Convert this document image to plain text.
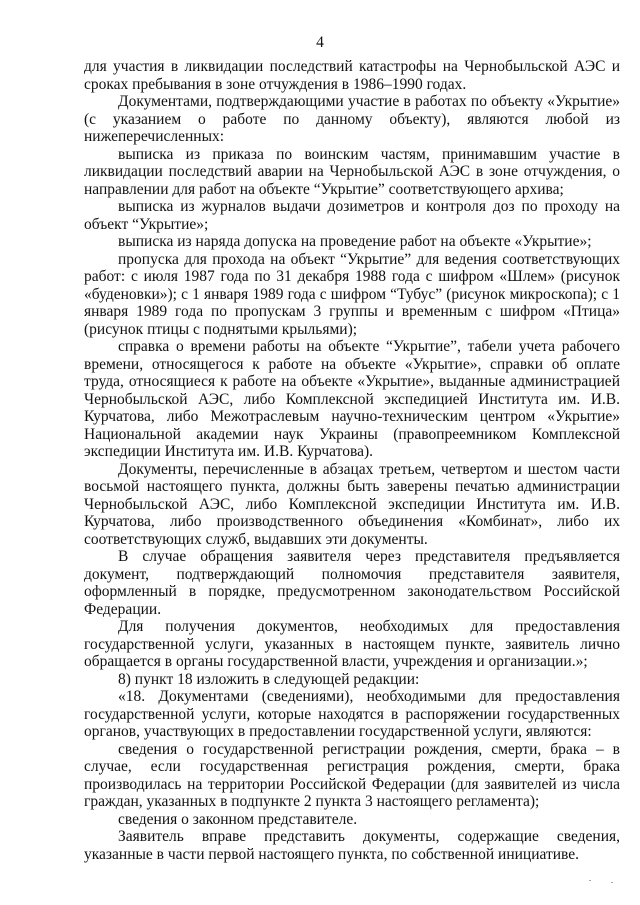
4

для участия в ликвидации последствий катастрофы на Чернобыльской АЭС и сроках пребывания в зоне отчуждения в 1986–1990 годах.

Документами, подтверждающими участие в работах по объекту «Укрытие» (с указанием о работе по данному объекту), являются любой из нижеперечисленных:

выписка из приказа по воинским частям, принимавшим участие в ликвидации последствий аварии на Чернобыльской АЭС в зоне отчуждения, о направлении для работ на объекте “Укрытие” соответствующего архива;

выписка из журналов выдачи дозиметров и контроля доз по проходу на объект “Укрытие»;

выписка из наряда допуска на проведение работ на объекте «Укрытие»;

пропуска для прохода на объект “Укрытие” для ведения соответствующих работ: с июля 1987 года по 31 декабря 1988 года с шифром «Шлем» (рисунок «буденовки»); с 1 января 1989 года с шифром “Тубус” (рисунок микроскопа); с 1 января 1989 года по пропускам 3 группы и временным с шифром «Птица» (рисунок птицы с поднятыми крыльями);

справка о времени работы на объекте “Укрытие”, табели учета рабочего времени, относящегося к работе на объекте «Укрытие», справки об оплате труда, относящиеся к работе на объекте «Укрытие», выданные администрацией Чернобыльской АЭС, либо Комплексной экспедицией Института им. И.В. Курчатова, либо Межотраслевым научно-техническим центром «Укрытие» Национальной академии наук Украины (правопреемником Комплексной экспедиции Института им. И.В. Курчатова).

Документы, перечисленные в абзацах третьем, четвертом и шестом части восьмой настоящего пункта, должны быть заверены печатью администрации Чернобыльской АЭС, либо Комплексной экспедиции Института им. И.В. Курчатова, либо производственного объединения «Комбинат», либо их соответствующих служб, выдавших эти документы.

В случае обращения заявителя через представителя предъявляется документ, подтверждающий полномочия представителя заявителя, оформленный в порядке, предусмотренном законодательством Российской Федерации.

Для получения документов, необходимых для предоставления государственной услуги, указанных в настоящем пункте, заявитель лично обращается в органы государственной власти, учреждения и организации.»;

8) пункт 18 изложить в следующей редакции:

«18. Документами (сведениями), необходимыми для предоставления государственной услуги, которые находятся в распоряжении государственных органов, участвующих в предоставлении государственной услуги, являются:

сведения о государственной регистрации рождения, смерти, брака – в случае, если государственная регистрация рождения, смерти, брака производилась на территории Российской Федерации (для заявителей из числа граждан, указанных в подпункте 2 пункта 3 настоящего регламента);

сведения о законном представителе.

Заявитель вправе представить документы, содержащие сведения, указанные в части первой настоящего пункта, по собственной инициативе.
